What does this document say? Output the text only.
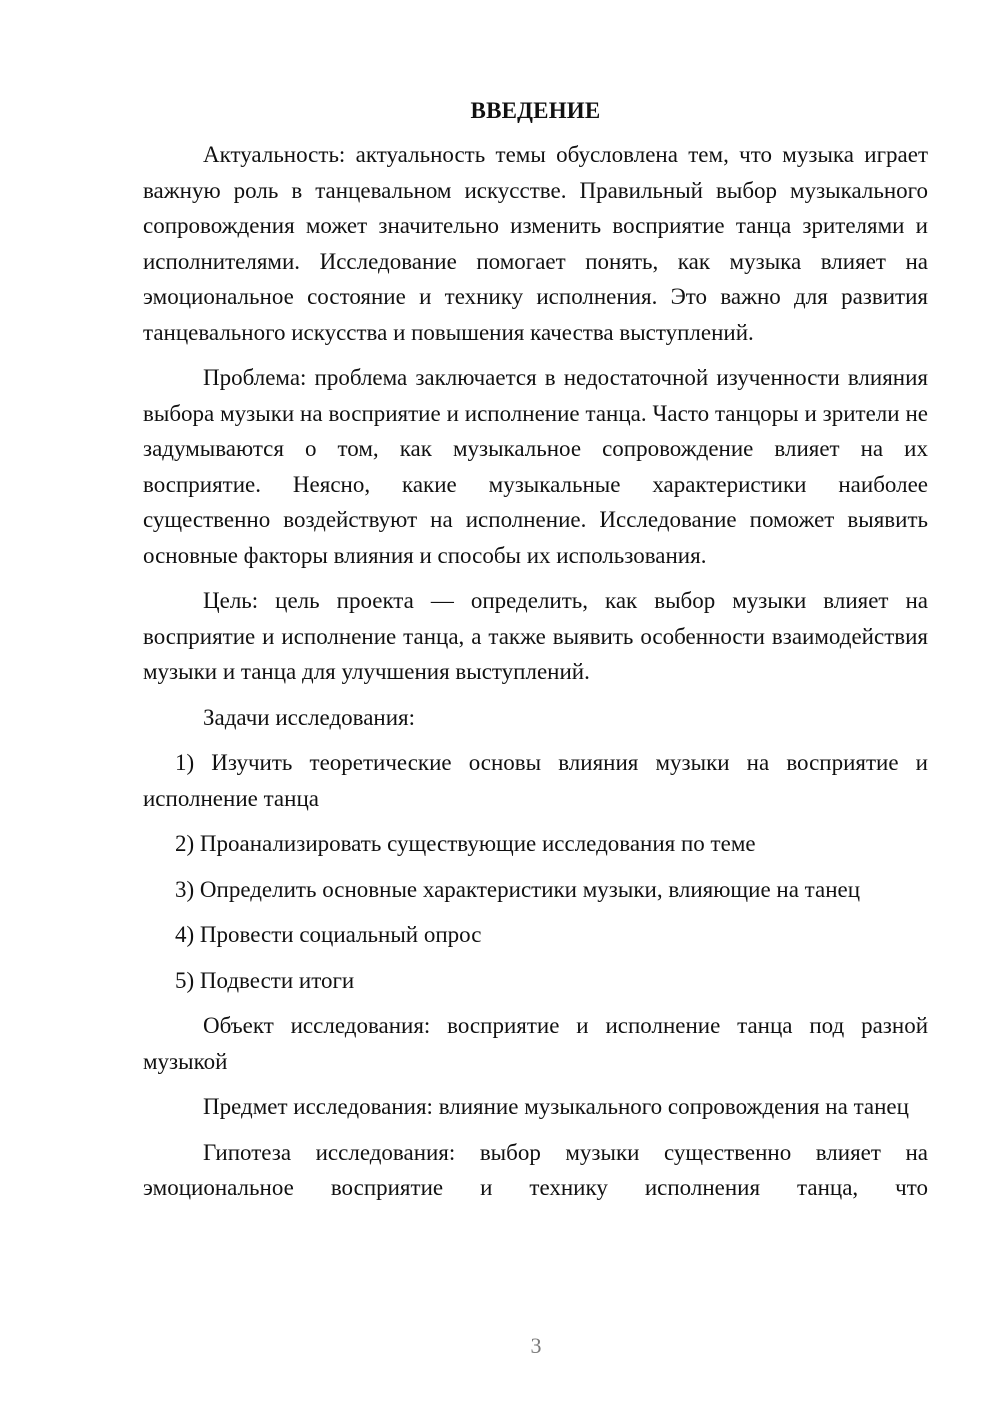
ВВЕДЕНИЕ

Актуальность: актуальность темы обусловлена тем, что музыка играет важную роль в танцевальном искусстве. Правильный выбор музыкального сопровождения может значительно изменить восприятие танца зрителями и исполнителями. Исследование помогает понять, как музыка влияет на эмоциональное состояние и технику исполнения. Это важно для развития танцевального искусства и повышения качества выступлений.

Проблема: проблема заключается в недостаточной изученности влияния выбора музыки на восприятие и исполнение танца. Часто танцоры и зрители не задумываются о том, как музыкальное сопровождение влияет на их восприятие. Неясно, какие музыкальные характеристики наиболее существенно воздействуют на исполнение. Исследование поможет выявить основные факторы влияния и способы их использования.

Цель: цель проекта — определить, как выбор музыки влияет на восприятие и исполнение танца, а также выявить особенности взаимодействия музыки и танца для улучшения выступлений.

Задачи исследования:

1) Изучить теоретические основы влияния музыки на восприятие и исполнение танца

2) Проанализировать существующие исследования по теме

3) Определить основные характеристики музыки, влияющие на танец

4) Провести социальный опрос

5) Подвести итоги

Объект исследования: восприятие и исполнение танца под разной музыкой

Предмет исследования: влияние музыкального сопровождения на танец

Гипотеза исследования: выбор музыки существенно влияет на эмоциональное восприятие и технику исполнения танца, что

3
